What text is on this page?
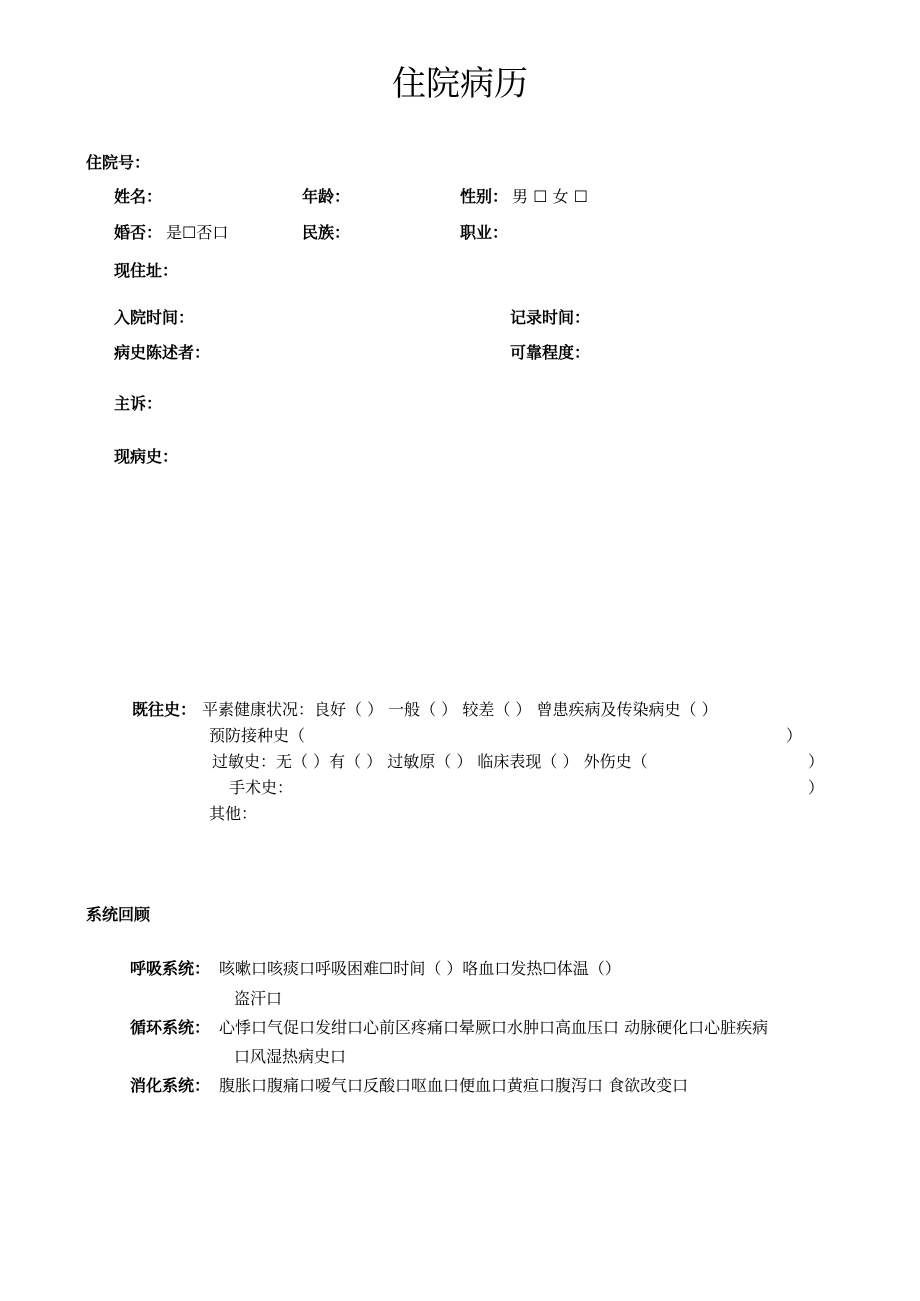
住院病历
住院号：
姓名：	年龄：	性别： 男 ☐ 女 ☐
婚否： 是☐否口	民族：	职业：
现住址：
入院时间：	记录时间：
病史陈述者：	可靠程度：
主诉：
现病史：
既往史： 平素健康状况：良好（ ） 一般（ ） 较差（ ） 曾患疾病及传染病史（ ）
预防接种史（	）
过敏史：无（ ）有（ ） 过敏原（ ） 临床表现（ ） 外伤史（	）
手术史：	）
其他：
系统回顾
呼吸系统： 咳嗽口咳痰口呼吸困难☐时间（ ）咯血口发热☐体温（）
盗汗口
循环系统： 心悸口气促口发绀口心前区疼痛口晕厥口水肿口高血压口 动脉硬化口心脏疾病
口风湿热病史口
消化系统： 腹胀口腹痛口嗳气口反酸口呕血口便血口黄疸口腹泻口 食欲改变口
